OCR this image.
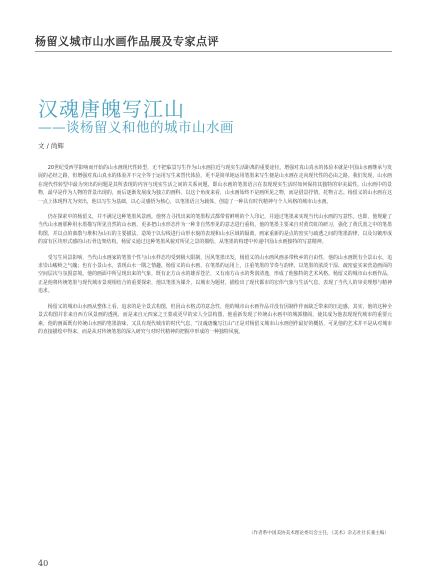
杨留义城市山水画作品展及专家点评
汉魂唐魄写江山
——谈杨留义和他的城市山水画
文 / 尚辉

20世纪受西学影响而开始的山水画现代性转型，无不把临景写生作为山水画拉近与现实生活距离的重要途径。增强对真山真水的体验本就是中国山水画继承与发展的必经之路，但增强对真山真水的体验并不完全等于运用写生来替代体验，更不是简单地运用笔墨来写生便是山水画在走向现代性的必由之路。我们发现，山水画在现代性转型中最为突出的问题是其所表现的内容与现实生活之间的关系问题，即山水画的笔墨语言在表现现实生活时如何保持其独特的审美属性。山水画中的景物，最早是作为人物的背景出现的，而后逐渐发展成为独立的画科。以这个角度来看，山水画始终不是画所见之物，而是借景抒情，托物言志。杨留义的山水画在这一点上体现得尤为突出，他以写生为基础，以心灵感悟为核心，以笔墨语言为载体，创造了一种具有时代精神与个人风格的城市山水画。

仍在探索中的杨留义，并不满足这种笔墨风景画。他努力寻找出来的笔墨程式都带着鲜明的个人印记，并通过笔墨来实现当代山水画的写意性。也即，他规避了当代山水画那种用水墨描写所见自然的山水画，更多把山水形态作为一种非自然形见的意志进行重构，他的笔墨主要来自对黄宾虹的研习，强化了黄氏墨之中的笔墨构图，并以点的离散与堆积为山石的主要描法，造境于以勾线进行山形水貌的表现和山水区域的隔离，画家重新的是点的密实与疏透之间的笔墨韵律，以及勾皴形成的富有区块形式感的山石骨边架结构。杨留义通过这种笔墨风貌对所见之景的描绘，从笔墨的构建中传递中国山水画独特的写意精神。

受写生风景影响，当代山水画家的笔墨个性与山水样态均受到极大限制，因风笔墨出发，杨留义的山水画风画多带秋乡的自由性，他的山水画既有全景山水，追求崇山峻岭之气魄；也有小景山水，表现山水一隅之情趣。杨留义的山水画，在笔墨的运用上，注重笔墨的节奏与韵律，以笔墨的浓淡干湿、疏密虚实来营造画面的空间层次与氛围意境。他的画面中所呈现出来的气象，既有北方山水的雄浑苍茫，又有南方山水的秀润清逸，形成了他独特的艺术风格。杨留义的城市山水画作品，正是他将传统笔墨与现代城市景观相结合的重要探索，他以笔墨为媒介，以城市为题材，描绘出了现代都市的宏伟气象与生活气息，表现了当代人的审美理想与精神追求。

杨留义的城市山水画从整体上看，追求的是全景式构图，但因山水格式的意念性，他的城市山水画作品并没有因制作作而缺乏带来的压迫感，其实，他的这种全景式构图并非来自西方风景画的透视，而是来自元四家之王蒙或更早的宋人全景构图，他重新发现了传统山水画中的城郭楼阁，使其成为他表现现代城市的重要元素，他的画面既有传统山水画的笔墨韵味，又具有现代城市的时代气息，“汉魂唐魄写江山”正是对杨留义城市山水画创作最好的概括，可见他的艺术并不是从对城市的直接描绘中得来，而是从对传统笔墨的深入研究与对时代精神的把握中形成的一种独特风貌。

（作者系中国美协美术理论委员会主任，《美术》杂志社社长兼主编）
40
